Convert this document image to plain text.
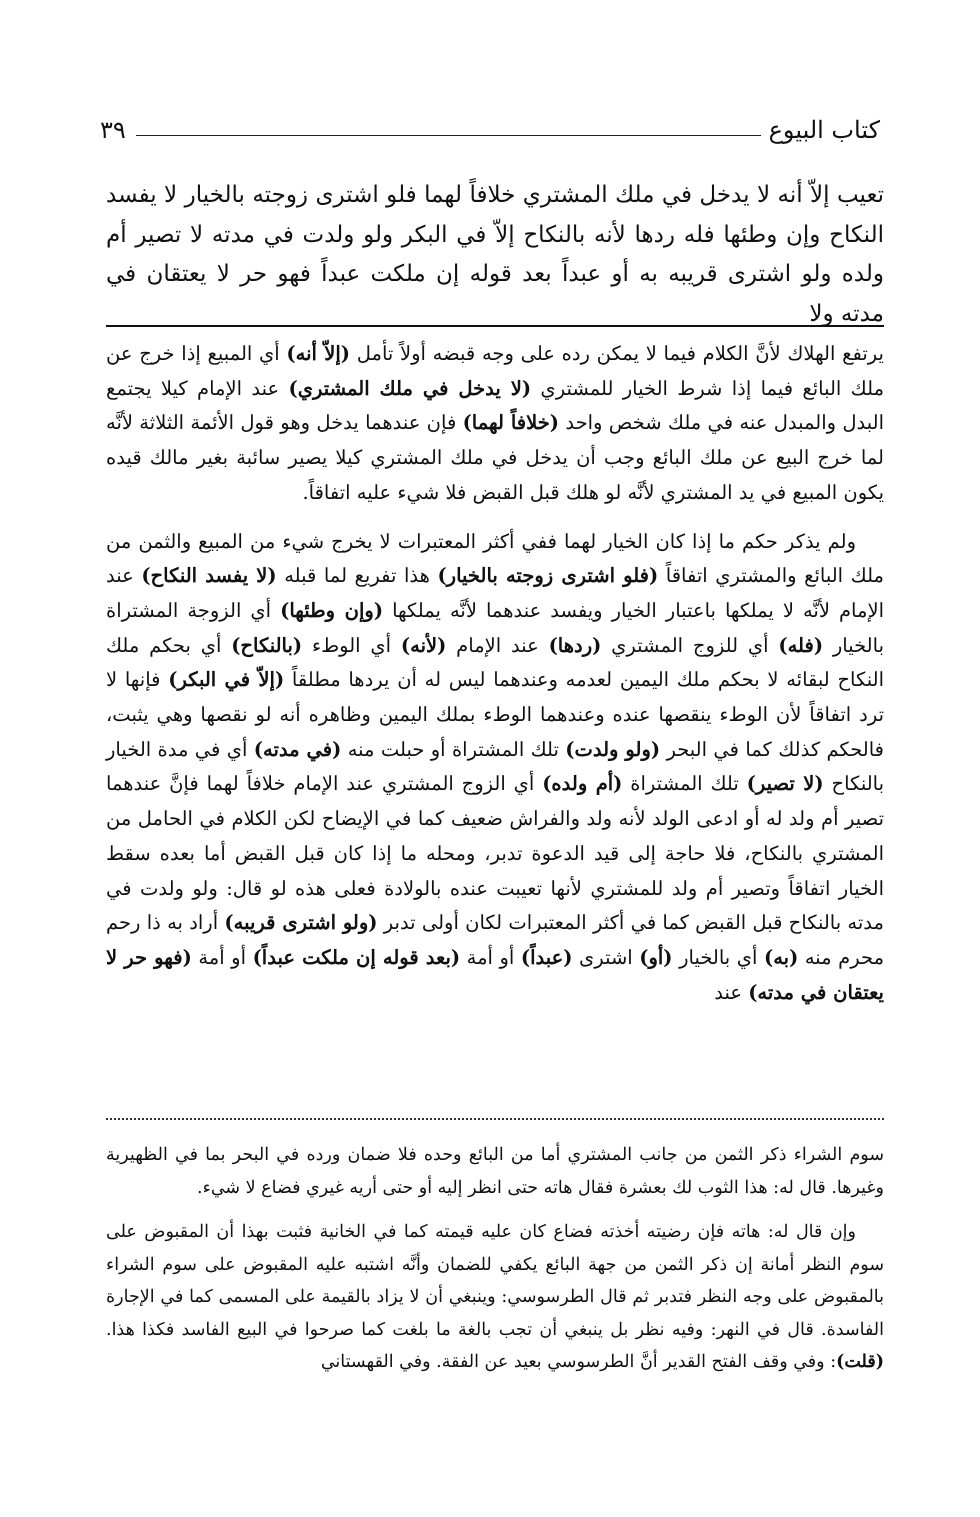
كتاب البيوع
٣٩

تعيب إلاّ أنه لا يدخل في ملك المشتري خلافاً لهما فلو اشترى زوجته بالخيار لا يفسد النكاح وإن وطئها فله ردها لأنه بالنكاح إلاّ في البكر ولو ولدت في مدته لا تصير أم ولده ولو اشترى قريبه به أو عبداً بعد قوله إن ملكت عبداً فهو حر لا يعتقان في مدته ولا

يرتفع الهلاك لأنَّ الكلام فيما لا يمكن رده على وجه قبضه أولاً تأمل (إلاّ أنه) أي المبيع إذا خرج عن ملك البائع فيما إذا شرط الخيار للمشتري (لا يدخل في ملك المشتري) عند الإمام كيلا يجتمع البدل والمبدل عنه في ملك شخص واحد (خلافاً لهما) فإن عندهما يدخل وهو قول الأئمة الثلاثة لأنَّه لما خرج البيع عن ملك البائع وجب أن يدخل في ملك المشتري كيلا يصير سائبة بغير مالك قيده يكون المبيع في يد المشتري لأنَّه لو هلك قبل القبض فلا شيء عليه اتفاقاً.

ولم يذكر حكم ما إذا كان الخيار لهما ففي أكثر المعتبرات لا يخرج شيء من المبيع والثمن من ملك البائع والمشتري اتفاقاً (فلو اشترى زوجته بالخيار) هذا تفريع لما قبله (لا يفسد النكاح) عند الإمام لأنَّه لا يملكها باعتبار الخيار ويفسد عندهما لأنَّه يملكها (وإن وطئها) أي الزوجة المشتراة بالخيار (فله) أي للزوج المشتري (ردها) عند الإمام (لأنه) أي الوطء (بالنكاح) أي بحكم ملك النكاح لبقائه لا بحكم ملك اليمين لعدمه وعندهما ليس له أن يردها مطلقاً (إلاّ في البكر) فإنها لا ترد اتفاقاً لأن الوطء ينقصها عنده وعندهما الوطء بملك اليمين وظاهره أنه لو نقصها وهي يثبت، فالحكم كذلك كما في البحر (ولو ولدت) تلك المشتراة أو حبلت منه (في مدته) أي في مدة الخيار بالنكاح (لا تصير) تلك المشتراة (أم ولده) أي الزوج المشتري عند الإمام خلافاً لهما فإنَّ عندهما تصير أم ولد له أو ادعى الولد لأنه ولد والفراش ضعيف كما في الإيضاح لكن الكلام في الحامل من المشتري بالنكاح، فلا حاجة إلى قيد الدعوة تدبر، ومحله ما إذا كان قبل القبض أما بعده سقط الخيار اتفاقاً وتصير أم ولد للمشتري لأنها تعيبت عنده بالولادة فعلى هذه لو قال: ولو ولدت في مدته بالنكاح قبل القبض كما في أكثر المعتبرات لكان أولى تدبر (ولو اشترى قريبه) أراد به ذا رحم محرم منه (به) أي بالخيار (أو) اشترى (عبداً) أو أمة (بعد قوله إن ملكت عبداً) أو أمة (فهو حر لا يعتقان في مدته) عند

سوم الشراء ذكر الثمن من جانب المشتري أما من البائع وحده فلا ضمان ورده في البحر بما في الظهيرية وغيرها. قال له: هذا الثوب لك بعشرة فقال هاته حتى انظر إليه أو حتى أريه غيري فضاع لا شيء.

وإن قال له: هاته فإن رضيته أخذته فضاع كان عليه قيمته كما في الخانية فثبت بهذا أن المقبوض على سوم النظر أمانة إن ذكر الثمن من جهة البائع يكفي للضمان وأنَّه اشتبه عليه المقبوض على سوم الشراء بالمقبوض على وجه النظر فتدبر ثم قال الطرسوسي: وينبغي أن لا يزاد بالقيمة على المسمى كما في الإجارة الفاسدة. قال في النهر: وفيه نظر بل ينبغي أن تجب بالغة ما بلغت كما صرحوا في البيع الفاسد فكذا هذا. (قلت): وفي وقف الفتح القدير أنَّ الطرسوسي بعيد عن الفقة. وفي القهستاني
